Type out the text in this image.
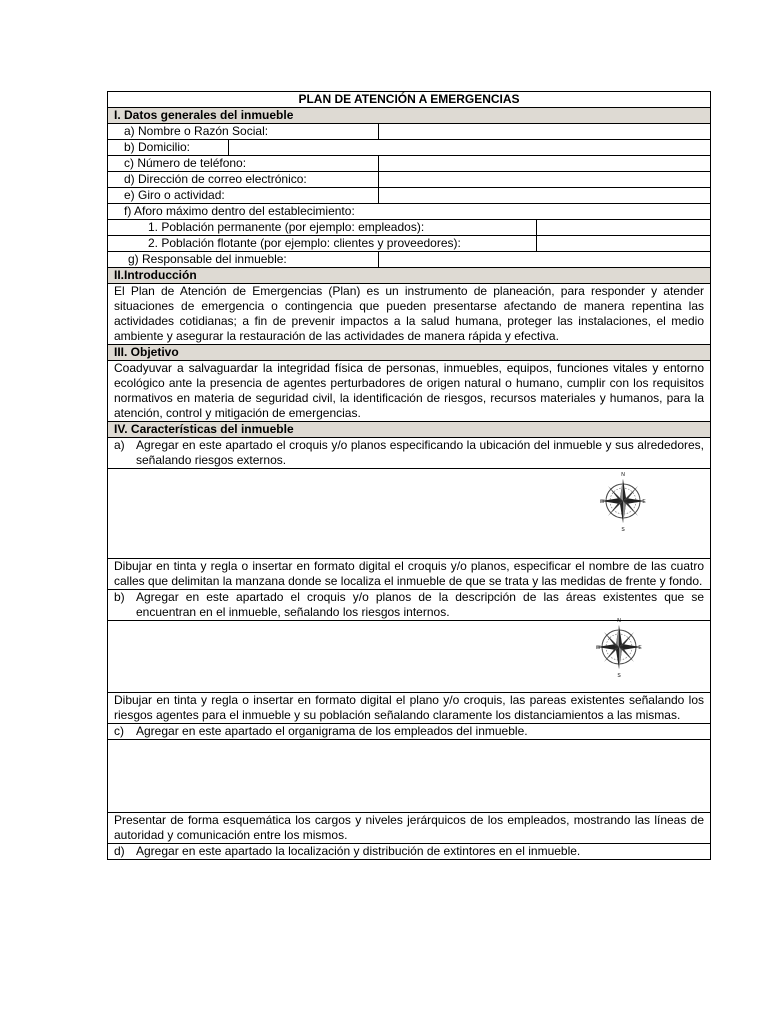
PLAN DE ATENCIÓN A EMERGENCIAS
I. Datos generales del inmueble
a) Nombre o Razón Social:
b) Domicilio:
c) Número de teléfono:
d) Dirección de correo electrónico:
e) Giro o actividad:
f) Aforo máximo dentro del establecimiento:
1. Población permanente (por ejemplo: empleados):
2. Población flotante (por ejemplo: clientes y proveedores):
g) Responsable del inmueble:
II.Introducción
El Plan de Atención de Emergencias (Plan) es un instrumento de planeación, para responder y atender situaciones de emergencia o contingencia que pueden presentarse afectando de manera repentina las actividades cotidianas; a fin de prevenir impactos a la salud humana, proteger las instalaciones, el medio ambiente y asegurar la restauración de las actividades de manera rápida y efectiva.
III. Objetivo
Coadyuvar a salvaguardar la integridad física de personas, inmuebles, equipos, funciones vitales y entorno ecológico ante la presencia de agentes perturbadores de origen natural o humano, cumplir con los requisitos normativos en materia de seguridad civil, la identificación de riesgos, recursos materiales y humanos, para la atención, control y mitigación de emergencias.
IV. Características del inmueble
a) Agregar en este apartado el croquis y/o planos especificando la ubicación del inmueble y sus alrededores, señalando riesgos externos.
N
S
E
W
Dibujar en tinta y regla o insertar en formato digital el croquis y/o planos, especificar el nombre de las cuatro calles que delimitan la manzana donde se localiza el inmueble de que se trata y las medidas de frente y fondo.
b) Agregar en este apartado el croquis y/o planos de la descripción de las áreas existentes que se encuentran en el inmueble, señalando los riesgos internos.
N
S
E
W
Dibujar en tinta y regla o insertar en formato digital el plano y/o croquis, las pareas existentes señalando los riesgos agentes para el inmueble y su población señalando claramente los distanciamientos a las mismas.
c)	Agregar en este apartado el organigrama de los empleados del inmueble.
Presentar de forma esquemática los cargos y niveles jerárquicos de los empleados, mostrando las líneas de autoridad y comunicación entre los mismos.
d) Agregar en este apartado la localización y distribución de extintores en el inmueble.
